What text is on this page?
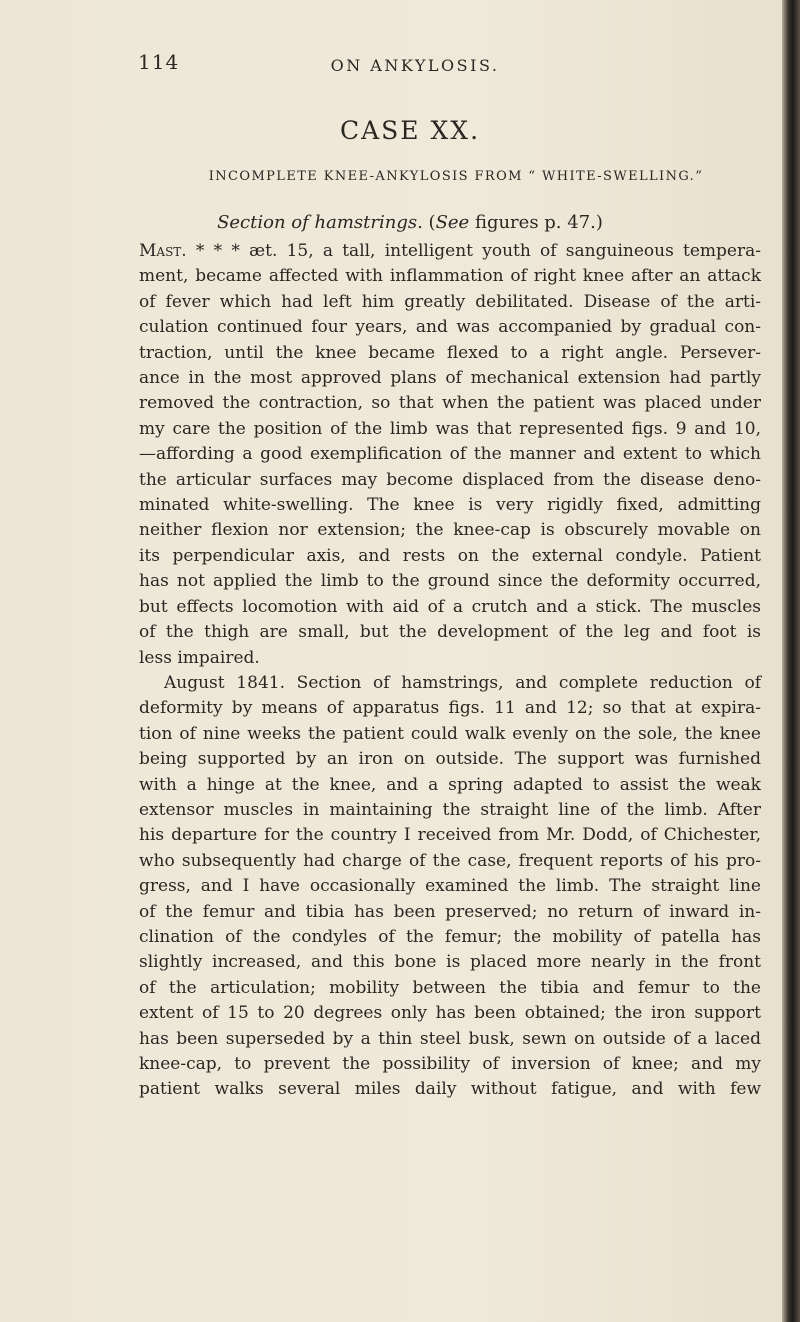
114	ON ANKYLOSIS.
CASE XX.
INCOMPLETE KNEE-ANKYLOSIS FROM “ WHITE-SWELLING.”
Section of hamstrings. (See figures p. 47.)

Mast. * * * æt. 15, a tall, intelligent youth of sanguineous tempera-

ment, became affected with inflammation of right knee after an attack

of fever which had left him greatly debilitated. Disease of the arti-

culation continued four years, and was accompanied by gradual con-

traction, until the knee became flexed to a right angle. Persever-

ance in the most approved plans of mechanical extension had partly

removed the contraction, so that when the patient was placed under

my care the position of the limb was that represented figs. 9 and 10,

—affording a good exemplification of the manner and extent to which

the articular surfaces may become displaced from the disease deno-

minated white-swelling. The knee is very rigidly fixed, admitting

neither flexion nor extension; the knee-cap is obscurely movable on

its perpendicular axis, and rests on the external condyle. Patient

has not applied the limb to the ground since the deformity occurred,

but effects locomotion with aid of a crutch and a stick. The muscles

of the thigh are small, but the development of the leg and foot is

less impaired.

August 1841. Section of hamstrings, and complete reduction of

deformity by means of apparatus figs. 11 and 12; so that at expira-

tion of nine weeks the patient could walk evenly on the sole, the knee

being supported by an iron on outside. The support was furnished

with a hinge at the knee, and a spring adapted to assist the weak

extensor muscles in maintaining the straight line of the limb. After

his departure for the country I received from Mr. Dodd, of Chichester,

who subsequently had charge of the case, frequent reports of his pro-

gress, and I have occasionally examined the limb. The straight line

of the femur and tibia has been preserved; no return of inward in-

clination of the condyles of the femur; the mobility of patella has

slightly increased, and this bone is placed more nearly in the front

of the articulation; mobility between the tibia and femur to the

extent of 15 to 20 degrees only has been obtained; the iron support

has been superseded by a thin steel busk, sewn on outside of a laced

knee-cap, to prevent the possibility of inversion of knee; and my

patient walks several miles daily without fatigue, and with few
